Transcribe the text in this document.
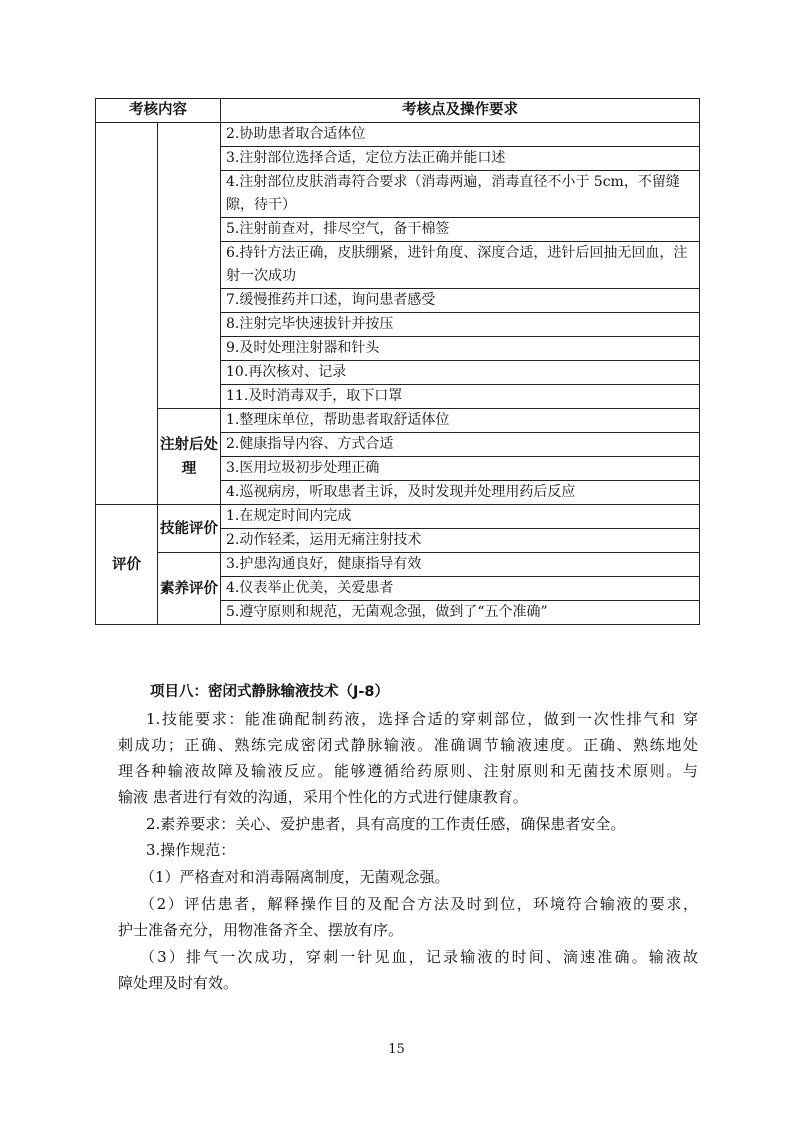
考核内容		考核点及操作要求
		2.协助患者取合适体位
		3.注射部位选择合适，定位方法正确并能口述
		4.注射部位皮肤消毒符合要求（消毒两遍，消毒直径不小于 5cm，不留缝隙，待干）
		5.注射前查对，排尽空气，备干棉签
		6.持针方法正确，皮肤绷紧，进针角度、深度合适，进针后回抽无回血，注射一次成功
		7.缓慢推药并口述，询问患者感受
		8.注射完毕快速拔针并按压
		9.及时处理注射器和针头
		10.再次核对、记录
		11.及时消毒双手，取下口罩
	注射后处理	1.整理床单位，帮助患者取舒适体位
		2.健康指导内容、方式合适
		3.医用垃圾初步处理正确
		4.巡视病房，听取患者主诉，及时发现并处理用药后反应
评价	技能评价	1.在规定时间内完成
		2.动作轻柔，运用无痛注射技术
	素养评价	3.护患沟通良好，健康指导有效
		4.仪表举止优美，关爱患者
		5.遵守原则和规范，无菌观念强，做到了“五个准确”
项目八：密闭式静脉输液技术（J-8）
1.技能要求：能准确配制药液，选择合适的穿刺部位，做到一次性排气和 穿
刺成功；正确、熟练完成密闭式静脉输液。准确调节输液速度。正确、熟练地处
理各种输液故障及输液反应。能够遵循给药原则、注射原则和无菌技术原则。与
输液 患者进行有效的沟通，采用个性化的方式进行健康教育。
2.素养要求：关心、爱护患者，具有高度的工作责任感，确保患者安全。
3.操作规范：
（1）严格查对和消毒隔离制度，无菌观念强。
（2）评估患者，解释操作目的及配合方法及时到位，环境符合输液的要求，
护士准备充分，用物准备齐全、摆放有序。
（3）排气一次成功，穿刺一针见血，记录输液的时间、滴速准确。输液故
障处理及时有效。
15
